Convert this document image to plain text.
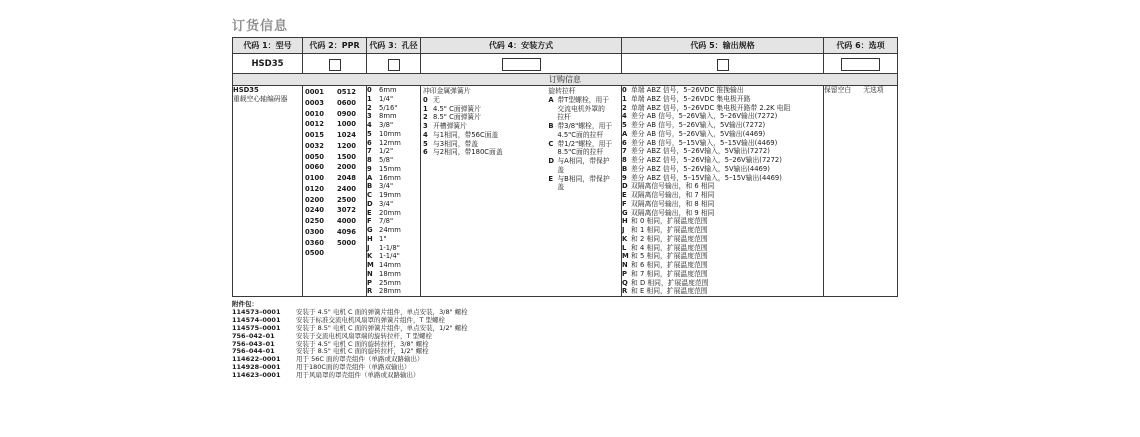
订货信息
代码 1：型号	代码 2：PPR	代码 3：孔径	代码 4：安装方式	代码 5：输出规格	代码 6：选项
HSD35					
订购信息
HSD35
重载空心轴编码器

0001	0512
0003	0600
0010	0900
0012	1000
0015	1024
0032	1200
0050	1500
0060	2000
0100	2048
0120	2400
0200	2500
0240	3072
0250	4000
0300	4096
0360	5000
0500	

0	6mm
1	1/4"
2	5/16"
3	8mm
4	3/8"
5	10mm
6	12mm
7	1/2"
8	5/8"
9	15mm
A 16mm
B	3/4"
C	19mm
D 3/4"
E	20mm
F	7/8"
G 24mm
H 1"
J	1-1/8"
K 1-1/4"
M 14mm
N 18mm
P	25mm
R 28mm

冲印金属弹簧片
0 无
1 4.5" C面弹簧片
2 8.5" C面弹簧片
3 开槽弹簧片
4 与1相同，带56C面盖
5 与3相同，带盖
6 与2相同，带180C面盖
旋转拉杆
A 带T型螺栓，用于
交流电机外罩的
拉杆
B 带3/8"螺栓，用于
4.5"C面的拉杆
C 带1/2"螺栓，用于
8.5"C面的拉杆
D 与A相同，带保护
盖
E 与B相同，带保护
盖

0 单端 ABZ 信号，5–26VDC 推挽输出
1 单端 ABZ 信号，5–26VDC 集电极开路
2 单端 ABZ 信号，5–26VDC 集电极开路带 2.2K 电阻
4 差分 AB 信号，5–26V输入，5–26V输出(7272)
5 差分 AB 信号，5–26V输入，5V输出(7272)
A 差分 AB 信号，5–26V输入，5V输出(4469)
6 差分 AB 信号，5–15V输入，5–15V输出(4469)
7 差分 ABZ 信号，5–26V输入，5V输出(7272)
8 差分 ABZ 信号，5–26V输入，5–26V输出(7272)
B 差分 ABZ 信号，5–26V输入，5V输出(4469)
9 差分 ABZ 信号，5–15V输入，5–15V输出(4469)
D 双隔离信号输出，和 6 相同
E 双隔离信号输出，和 7 相同
F 双隔离信号输出，和 8 相同
G 双隔离信号输出，和 9 相同
H 和 0 相同，扩展温度范围
J 和 1 相同，扩展温度范围
K 和 2 相同，扩展温度范围
L 和 4 相同，扩展温度范围
M 和 5 相同，扩展温度范围
N 和 6 相同，扩展温度范围
P 和 7 相同，扩展温度范围
Q 和 D 相同，扩展温度范围
R 和 E 相同，扩展温度范围

保留空白 无选项
附件包：
114573–0001 安装于 4.5" 电机 C 面的弹簧片组件，单点安装，3/8" 螺栓
114574–0001 安装于标准交流电机风扇罩的弹簧片组件，T 型螺栓
114575–0001 安装于 8.5" 电机 C 面的弹簧片组件，单点安装，1/2" 螺栓
756–042–01	安装于交流电机风扇罩端的旋转拉杆，T 型螺栓
756–043–01	安装于 4.5" 电机 C 面的旋转拉杆，3/8" 螺栓
756–044–01	安装于 8.5" 电机 C 面的旋转拉杆，1/2" 螺栓
114622–0001 用于 56C 面的罩壳组件（单路或双路输出）
114928–0001 用于180C面的罩壳组件（单路双输出）
114623–0001 用于风扇罩的罩壳组件（单路或双路输出）
